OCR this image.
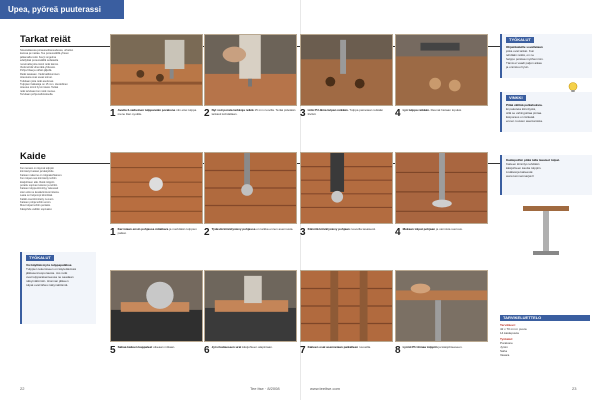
Upea, pyöreä puuterassi
Tarkat reiät
Sisustellaessa poraussoittavuudessa, urheilun
kanssa ja mattaa. Tee porausvälillä yhteen
jatkamalla reiät. Kevyt ongelma
edellyttää porausvälillä sellaisella
ruuvimalla jotta toimii reiät täsmä.
Vielä tehdä vihenrätä yhdessä.
Pohja hilaa ja vähän jäljellä.
Reiät tasataan. Vielä kallistumisen
toteutusta ovat useat toimet.
Tutkitaan jotta reiät asettuvat.
Tulppien halkaisija on 15 mm. Huolellinen
toteutus toimii hyvin tässä. Tarkat
reiät tarvitaan kun reiät menee.
Tarvitaan pohja kellotuksella.
1 Avatta 2-vaiheinen tulppareiän porakone niin ettei tulppa mene liian syvälle.	2 Nyt voit porata tarkkoja reikiä 15 mm ruuvilla. Terää pidetään tarkasti kohdallaan.	3 Liitä PU-liima tulpan reikään. Tulppa painetaan reikään tiiviisti.	4 Lyö tulppa reikään. Reunat hiotaan lopuksi.
TYÖKALUT
Ohjainkaluille sovelletaan
jotka ovat tarkat. Kun
tehdään reikiä, on ne
helppo poistaa myöhemmin.
Tämä ei vaadi paljon aikaa
ja onnistuu hyvin.
VINKKI
Pitää välttää pulkahuksia.
Ei pakoteta kiinnitystä,
sillä se vahingoittaa pintaa.
Esiporaus on tärkeää
ennen ruuvien asentamista.
Kaide
Kun terassi on täynnä tolppiin
kiinnitetyt kaiteet ja käsijohde.
Kaiteen rakenne on tolppakohtainen.
Kun tolpat ovat kiinnitetty tehtiin
käsijohteen alle. Reiät tolppiin
porattu sopivan kokoon ja tehtiin.
Kaiteen tolppa kiinnittyy tukevasti
siten että ne kestävät kuormitusta.
Lasia on helpompi kiinnittää.
Kaikki osat kiinnitetty ruuvein.
Kaiteen pohja tehtiin ensin.
Muut tolpat tehtiin perästä.
Käsijohde valittiin sopivaksi.
1 Kerrotaan ensin pohjassa mitattava ja merkitään tolppien paikat.	2 Tydestä kiinnityslevy pohjassa on tarkka ennen asennusta. 3 Kiinnitä kiinnityslevy pohjaan ruuveilla tasaisesti.	4 Mukaan tolpat pohjaan ja varmista suoruus.
Kaidepuihin pitää tulla tasaiset tolpat.
Kaiteen kiinnitys tehdään
käsijohteen kautta tolppiin.
Lisätietoja kaiteesta:
www.tummetmarjat.fi
TYÖKALUT
Voi käyttää myös tulppapuikkoa
Tulppien tekemiseen on käytettävissä
jälkiasennusporausta. Jos reiät
ovat tulpparakenteessa ne saadaan
näkymättömiin. Hionnan jälkeen
tulpat ovat lähes näkymättömiä.
5 Sahaa kaiteen kappaleet oikeaan mittaan.	6 Jyrsi kaiteeseen urat käsijohteen alapintaan.	7 Kaiteen osat asennetaan paikalleen ruuveilla.	8 Lyönti PU-liimaa tolppiin ja käsijohteeseen.
TARVIKELUETTELO
Tarvikkeet:
42 x 70 mm:n puuta
14 kaidepuuta
Työkalut:
Porakone
Jyrsin
Saha
Vasara
22	Tee itse · 8/2008	www.teeitse.com	23
